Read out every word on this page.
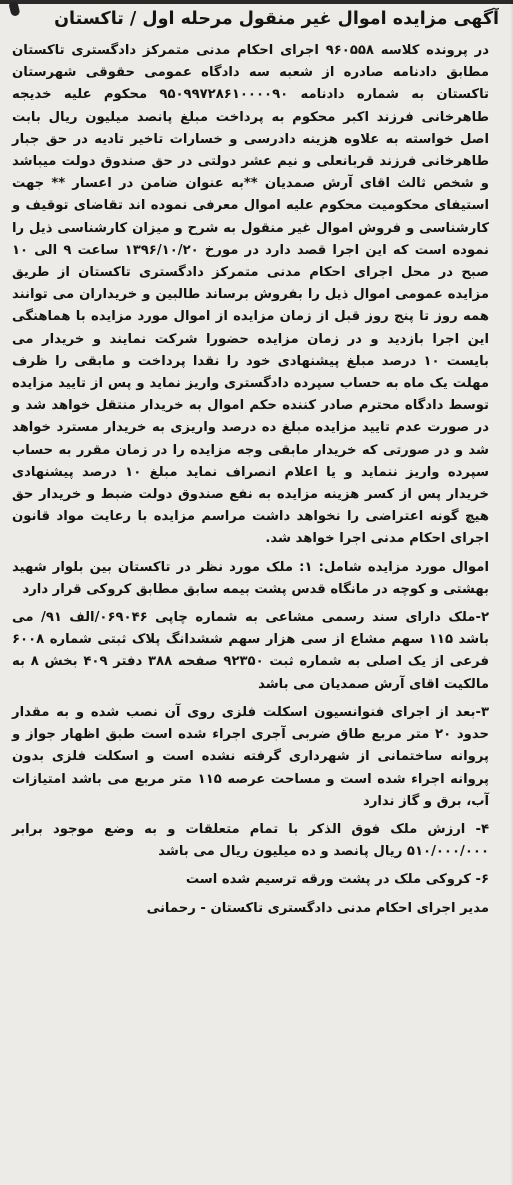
آگهی مزایده اموال غیر منقول مرحله اول / تاکستان

در پرونده کلاسه ۹۶۰۵۵۸ اجرای احکام مدنی متمرکز دادگستری تاکستان مطابق دادنامه صادره از شعبه سه دادگاه عمومی حقوقی شهرستان تاکستان به شماره دادنامه ۹۵۰۹۹۷۲۸۶۱۰۰۰۰۹۰ محکوم علیه خدیجه طاهرخانی فرزند اکبر محکوم به پرداخت مبلغ پانصد میلیون ریال بابت اصل خواسته به علاوه هزینه دادرسی و خسارات تاخیر تادیه در حق جبار طاهرخانی فرزند قربانعلی و نیم عشر دولتی در حق صندوق دولت میباشد و شخص ثالث اقای آرش صمدیان **به عنوان ضامن در اعسار ** جهت استیفای محکومیت محکوم علیه اموال معرفی نموده اند تقاضای توقیف و کارشناسی و فروش اموال غیر منقول به شرح و میزان کارشناسی ذیل را نموده است که این اجرا قصد دارد در مورخ ۱۳۹۶/۱۰/۲۰ ساعت ۹ الی ۱۰ صبح در محل اجرای احکام مدنی متمرکز دادگستری تاکستان از طریق مزایده عمومی اموال ذیل را بفروش برساند طالبین و خریداران می توانند همه روز تا پنج روز قبل از زمان مزایده از اموال مورد مزایده با هماهنگی این اجرا بازدید و در زمان مزایده حضورا شرکت نمایند و خریدار می بایست ۱۰ درصد مبلغ پیشنهادی خود را نقدا پرداخت و مابقی را ظرف مهلت یک ماه به حساب سپرده دادگستری واریز نماید و پس از تایید مزایده توسط دادگاه محترم صادر کننده حکم اموال به خریدار منتقل خواهد شد و در صورت عدم تایید مزایده مبلغ ده درصد واریزی به خریدار مسترد خواهد شد و در صورتی که خریدار مابقی وجه مزایده را در زمان مقرر به حساب سپرده واریز ننماید و یا اعلام انصراف نماید مبلغ ۱۰ درصد پیشنهادی خریدار پس از کسر هزینه مزایده به نفع صندوق دولت ضبط و خریدار حق هیچ گونه اعتراضی را نخواهد داشت مراسم مزایده با رعایت مواد قانون اجرای احکام مدنی اجرا خواهد شد.

اموال مورد مزایده شامل: ۱: ملک مورد نظر در تاکستان بین بلوار شهید بهشتی و کوچه در مانگاه قدس پشت بیمه سابق مطابق کروکی قرار دارد

۲-ملک دارای سند رسمی مشاعی به شماره چاپی ۰۶۹۰۴۶/الف ۹۱/ می باشد ۱۱۵ سهم مشاع از سی هزار سهم ششدانگ پلاک ثبتی شماره ۶۰۰۸ فرعی از یک اصلی به شماره ثبت ۹۲۳۵۰ صفحه ۳۸۸ دفتر ۴۰۹ بخش ۸ به مالکیت اقای آرش صمدیان می باشد

۳-بعد از اجرای فنوانسیون اسکلت فلزی روی آن نصب شده و به مقدار حدود ۲۰ متر مربع طاق ضربی آجری اجراء شده است طبق اظهار جواز و پروانه ساختمانی از شهرداری گرفته نشده است و اسکلت فلزی بدون پروانه اجراء شده است و مساحت عرصه ۱۱۵ متر مربع می باشد امتیازات آب، برق و گاز ندارد

۴- ارزش ملک فوق الذکر با تمام متعلقات و به وضع موجود برابر ۵۱۰/۰۰۰/۰۰۰ ریال پانصد و ده میلیون ریال می باشد

۶- کروکی ملک در پشت ورقه ترسیم شده است

مدیر اجرای احکام مدنی دادگستری تاکستان - رحمانی
